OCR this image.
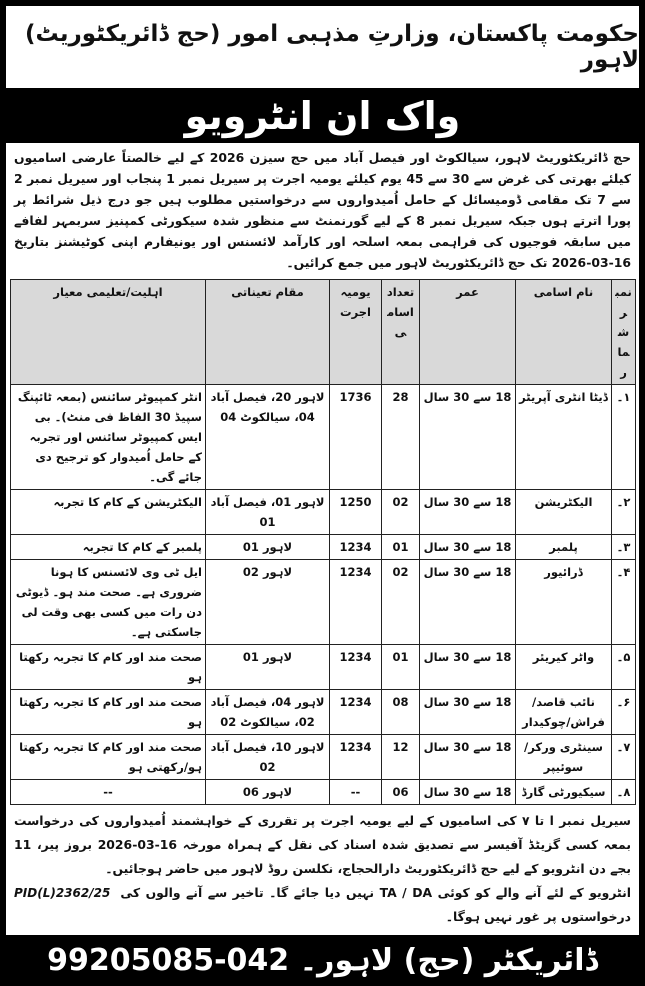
حکومت پاکستان، وزارتِ مذہبی امور (حج ڈائریکٹوریٹ) لاہور
واک ان انٹرویو
حج ڈائریکٹوریٹ لاہور، سیالکوٹ اور فیصل آباد میں حج سیزن 2026 کے لیے خالصتاً عارضی اسامیوں کیلئے بھرتی کی غرض سے 30 سے 45 یوم کیلئے یومیہ اجرت پر سیریل نمبر 1 پنجاب اور سیریل نمبر 2 سے 7 تک مقامی ڈومیسائل کے حامل اُمیدواروں سے درخواستیں مطلوب ہیں جو درج ذیل شرائط پر پورا اترتے ہوں جبکہ سیریل نمبر 8 کے لیے گورنمنٹ سے منظور شدہ سیکورٹی کمپنیز سربمہر لفافے میں سابقہ فوجیوں کی فراہمی بمعہ اسلحہ اور کارآمد لائسنس اور یونیفارم اپنی کوٹیشنز بتاریخ 16-03-2026 تک حج ڈائریکٹوریٹ لاہور میں جمع کرائیں۔
نمبر شمار	نام اسامی	عمر	تعداد اسامی	یومیہ اجرت	مقام تعیناتی	اہلیت/تعلیمی معیار
۱۔	ڈیٹا انٹری آپریٹر	18 سے 30 سال	28	1736	لاہور 20، فیصل آباد 04، سیالکوٹ 04	انٹر کمپیوٹر سائنس (بمعہ ٹائپنگ سپیڈ 30 الفاظ فی منٹ)۔ بی ایس کمپیوٹر سائنس اور تجربہ کے حامل اُمیدوار کو ترجیح دی جائے گی۔
۲۔	الیکٹریشن	18 سے 30 سال	02	1250	لاہور 01، فیصل آباد 01	الیکٹریشن کے کام کا تجربہ
۳۔	پلمبر	18 سے 30 سال	01	1234	لاہور 01	پلمبر کے کام کا تجربہ
۴۔	ڈرائیور	18 سے 30 سال	02	1234	لاہور 02	ایل ٹی وی لائسنس کا ہونا ضروری ہے۔ صحت مند ہو۔ ڈیوٹی دن رات میں کسی بھی وقت لی جاسکتی ہے۔
۵۔	واٹر کیریئر	18 سے 30 سال	01	1234	لاہور 01	صحت مند اور کام کا تجربہ رکھتا ہو
۶۔	نائب قاصد/فراش/چوکیدار	18 سے 30 سال	08	1234	لاہور 04، فیصل آباد 02، سیالکوٹ 02	صحت مند اور کام کا تجربہ رکھتا ہو
۷۔	سینٹری ورکر/سوئیپر	18 سے 30 سال	12	1234	لاہور 10، فیصل آباد 02	صحت مند اور کام کا تجربہ رکھتا ہو/رکھتی ہو
۸۔	سیکیورٹی گارڈ	18 سے 30 سال	06	--	لاہور 06	--
سیریل نمبر ا تا ۷ کی اسامیوں کے لیے یومیہ اجرت پر تقرری کے خواہشمند اُمیدواروں کی درخواست بمعہ کسی گزیٹڈ آفیسر سے تصدیق شدہ اسناد کی نقل کے ہمراہ مورخہ 16-03-2026 بروز پیر، 11 بجے دن انٹرویو کے لیے حج ڈائریکٹوریٹ دارالحجاج، نکلسن روڈ لاہور میں حاضر ہوجائیں۔
انٹرویو کے لئے آنے والے کو کوئی TA / DA نہیں دیا جائے گا۔ تاخیر سے آنے والوں کی درخواستوں پر غور نہیں ہوگا۔
PID(L)2362/25
ڈائریکٹر (حج) لاہور۔ 042-99205085
